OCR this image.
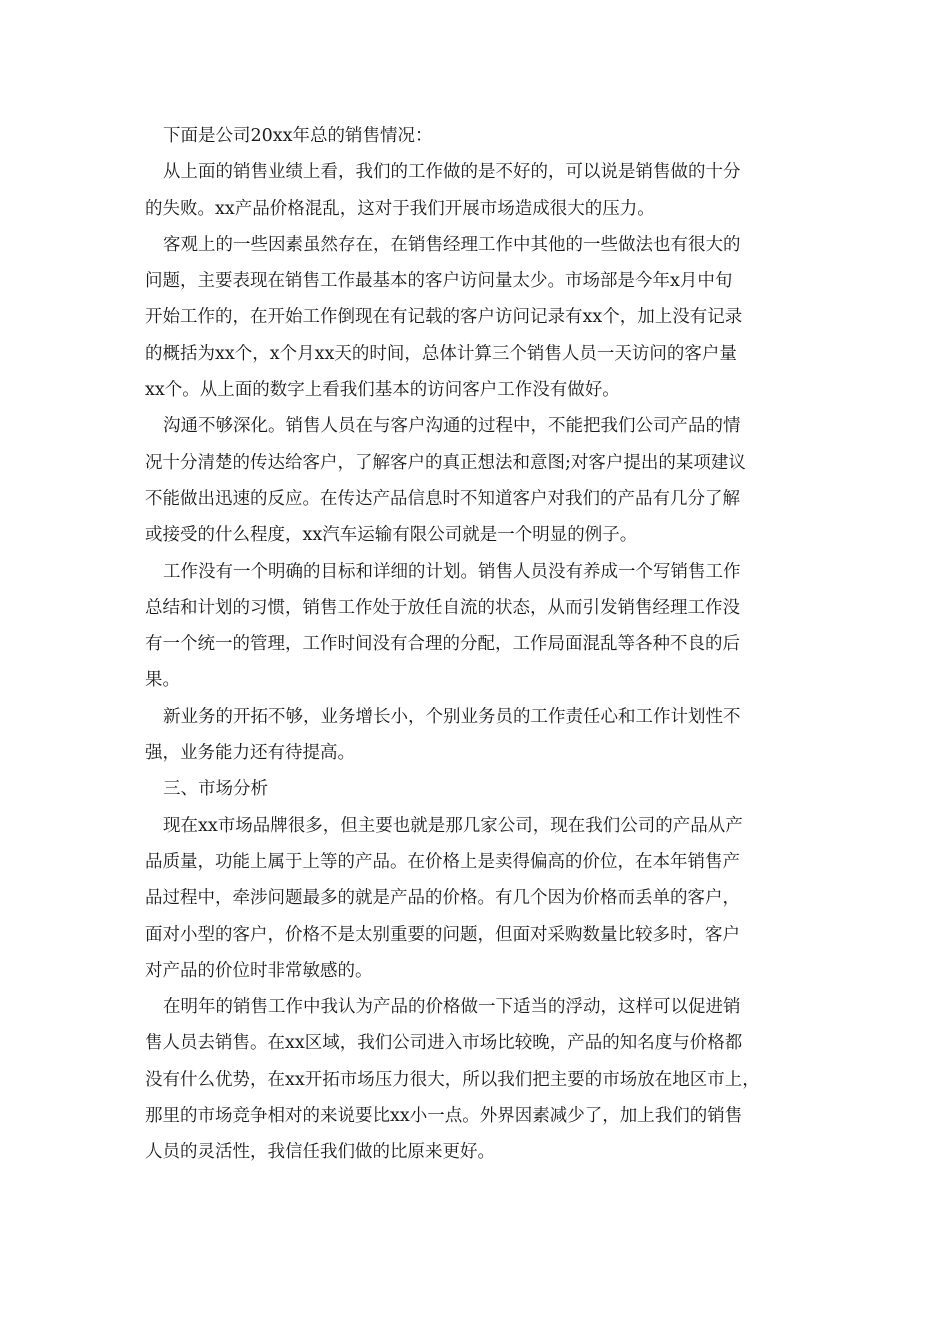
下面是公司20xx年总的销售情况：

从上面的销售业绩上看，我们的工作做的是不好的，可以说是销售做的十分
的失败。xx产品价格混乱，这对于我们开展市场造成很大的压力。

客观上的一些因素虽然存在，在销售经理工作中其他的一些做法也有很大的
问题，主要表现在销售工作最基本的客户访问量太少。市场部是今年x月中旬
开始工作的，在开始工作倒现在有记载的客户访问记录有xx个，加上没有记录
的概括为xx个，x个月xx天的时间，总体计算三个销售人员一天访问的客户量
xx个。从上面的数字上看我们基本的访问客户工作没有做好。

沟通不够深化。销售人员在与客户沟通的过程中，不能把我们公司产品的情
况十分清楚的传达给客户，了解客户的真正想法和意图;对客户提出的某项建议
不能做出迅速的反应。在传达产品信息时不知道客户对我们的产品有几分了解
或接受的什么程度，xx汽车运输有限公司就是一个明显的例子。

工作没有一个明确的目标和详细的计划。销售人员没有养成一个写销售工作
总结和计划的习惯，销售工作处于放任自流的状态，从而引发销售经理工作没
有一个统一的管理，工作时间没有合理的分配，工作局面混乱等各种不良的后
果。

新业务的开拓不够，业务增长小，个别业务员的工作责任心和工作计划性不
强，业务能力还有待提高。

三、市场分析

现在xx市场品牌很多，但主要也就是那几家公司，现在我们公司的产品从产
品质量，功能上属于上等的产品。在价格上是卖得偏高的价位，在本年销售产
品过程中，牵涉问题最多的就是产品的价格。有几个因为价格而丢单的客户，
面对小型的客户，价格不是太别重要的问题，但面对采购数量比较多时，客户
对产品的价位时非常敏感的。

在明年的销售工作中我认为产品的价格做一下适当的浮动，这样可以促进销
售人员去销售。在xx区域，我们公司进入市场比较晚，产品的知名度与价格都
没有什么优势，在xx开拓市场压力很大，所以我们把主要的市场放在地区市上，
那里的市场竞争相对的来说要比xx小一点。外界因素减少了，加上我们的销售
人员的灵活性，我信任我们做的比原来更好。
